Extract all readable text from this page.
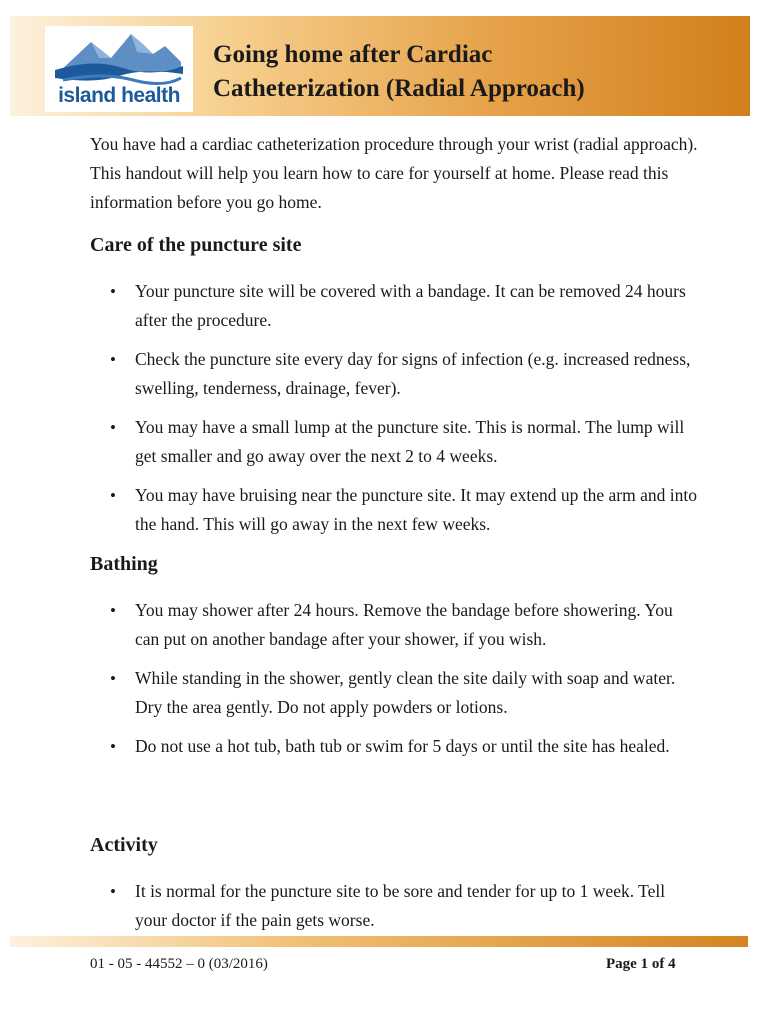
island health
Going home after Cardiac
Catheterization (Radial Approach)

You have had a cardiac catheterization procedure through your wrist (radial approach). This handout will help you learn how to care for yourself at home. Please read this information before you go home.

Care of the puncture site
• Your puncture site will be covered with a bandage. It can be removed 24 hours after the procedure.
• Check the puncture site every day for signs of infection (e.g. increased redness, swelling, tenderness, drainage, fever).
• You may have a small lump at the puncture site. This is normal. The lump will get smaller and go away over the next 2 to 4 weeks.
• You may have bruising near the puncture site. It may extend up the arm and into the hand. This will go away in the next few weeks.
Bathing
• You may shower after 24 hours. Remove the bandage before showering. You can put on another bandage after your shower, if you wish.
• While standing in the shower, gently clean the site daily with soap and water. Dry the area gently. Do not apply powders or lotions.
• Do not use a hot tub, bath tub or swim for 5 days or until the site has healed.
Activity
• It is normal for the puncture site to be sore and tender for up to 1 week. Tell your doctor if the pain gets worse.
01 - 05 - 44552 – 0 (03/2016)	Page 1 of 4
